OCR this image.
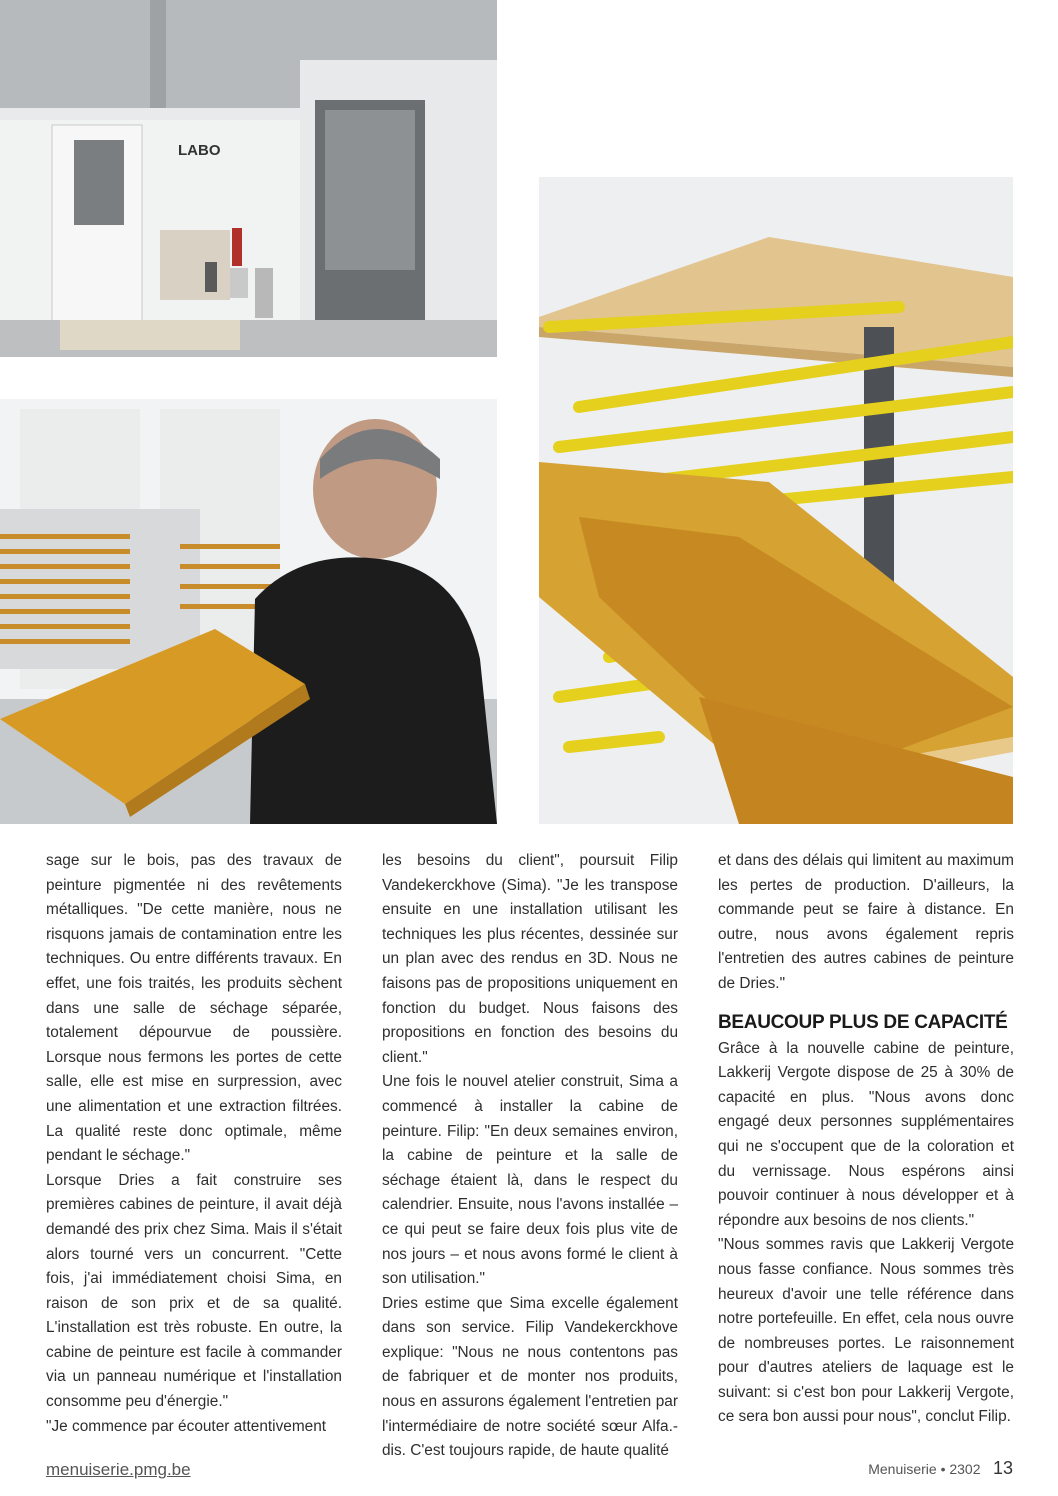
LABO

sage sur le bois, pas des travaux de peinture pigmentée ni des revêtements métalliques. "De cette manière, nous ne risquons jamais de contamination entre les techniques. Ou entre différents travaux. En effet, une fois traités, les produits sèchent dans une salle de séchage séparée, totalement dépourvue de poussière. Lorsque nous fermons les portes de cette salle, elle est mise en surpression, avec une alimentation et une extraction filtrées. La qualité reste donc optimale, même pendant le séchage."

Lorsque Dries a fait construire ses premières cabines de peinture, il avait déjà demandé des prix chez Sima. Mais il s'était alors tourné vers un concurrent. "Cette fois, j'ai immédiatement choisi Sima, en raison de son prix et de sa qualité. L'installation est très robuste. En outre, la cabine de peinture est facile à commander via un panneau numérique et l'installation consomme peu d'énergie."

"Je commence par écouter attentivement

les besoins du client", poursuit Filip Vandekerckhove (Sima). "Je les transpose ensuite en une installation utilisant les techniques les plus récentes, dessinée sur un plan avec des rendus en 3D. Nous ne faisons pas de propositions uniquement en fonction du budget. Nous faisons des propositions en fonction des besoins du client."

Une fois le nouvel atelier construit, Sima a commencé à installer la cabine de peinture. Filip: "En deux semaines environ, la cabine de peinture et la salle de séchage étaient là, dans le respect du calendrier. Ensuite, nous l'avons installée – ce qui peut se faire deux fois plus vite de nos jours – et nous avons formé le client à son utilisation."

Dries estime que Sima excelle également dans son service. Filip Vandekerckhove explique: "Nous ne nous contentons pas de fabriquer et de monter nos produits, nous en assurons également l'entretien par l'intermédiaire de notre société sœur Alfa.-dis. C'est toujours rapide, de haute qualité

et dans des délais qui limitent au maximum les pertes de production. D'ailleurs, la commande peut se faire à distance. En outre, nous avons également repris l'entretien des autres cabines de peinture de Dries."

BEAUCOUP PLUS DE CAPACITÉ

Grâce à la nouvelle cabine de peinture, Lakkerij Vergote dispose de 25 à 30% de capacité en plus. "Nous avons donc engagé deux personnes supplémentaires qui ne s'occupent que de la coloration et du vernissage. Nous espérons ainsi pouvoir continuer à nous développer et à répondre aux besoins de nos clients."

"Nous sommes ravis que Lakkerij Vergote nous fasse confiance. Nous sommes très heureux d'avoir une telle référence dans notre portefeuille. En effet, cela nous ouvre de nombreuses portes. Le raisonnement pour d'autres ateliers de laquage est le suivant: si c'est bon pour Lakkerij Vergote, ce sera bon aussi pour nous", conclut Filip.

menuiserie.pmg.be	Menuiserie • 2302 13
